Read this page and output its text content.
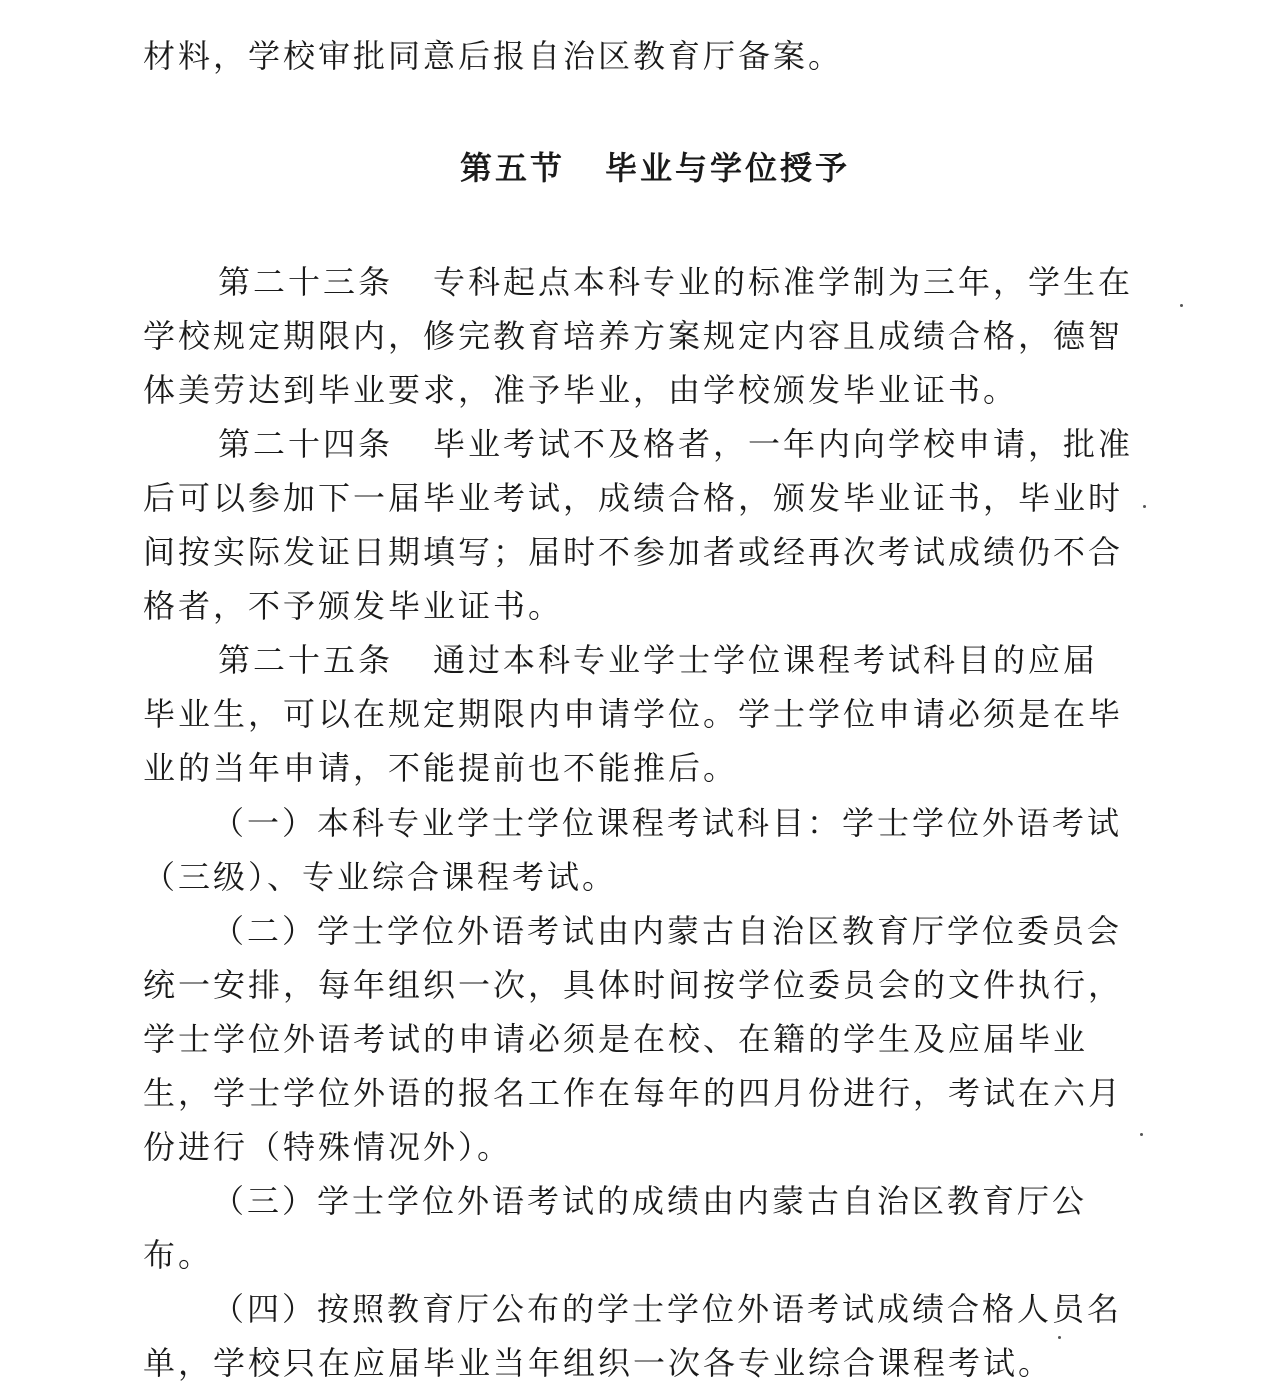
材料，学校审批同意后报自治区教育厅备案。
第五节 毕业与学位授予
第二十三条 专科起点本科专业的标准学制为三年，学生在
学校规定期限内，修完教育培养方案规定内容且成绩合格，德智
体美劳达到毕业要求，准予毕业，由学校颁发毕业证书。
第二十四条 毕业考试不及格者，一年内向学校申请，批准
后可以参加下一届毕业考试，成绩合格，颁发毕业证书，毕业时
间按实际发证日期填写；届时不参加者或经再次考试成绩仍不合
格者，不予颁发毕业证书。
第二十五条 通过本科专业学士学位课程考试科目的应届
毕业生，可以在规定期限内申请学位。学士学位申请必须是在毕
业的当年申请，不能提前也不能推后。
（一）本科专业学士学位课程考试科目：学士学位外语考试
（三级）、专业综合课程考试。
（二）学士学位外语考试由内蒙古自治区教育厅学位委员会
统一安排，每年组织一次，具体时间按学位委员会的文件执行，
学士学位外语考试的申请必须是在校、在籍的学生及应届毕业
生，学士学位外语的报名工作在每年的四月份进行，考试在六月
份进行（特殊情况外）。
（三）学士学位外语考试的成绩由内蒙古自治区教育厅公
布。
（四）按照教育厅公布的学士学位外语考试成绩合格人员名
单，学校只在应届毕业当年组织一次各专业综合课程考试。
